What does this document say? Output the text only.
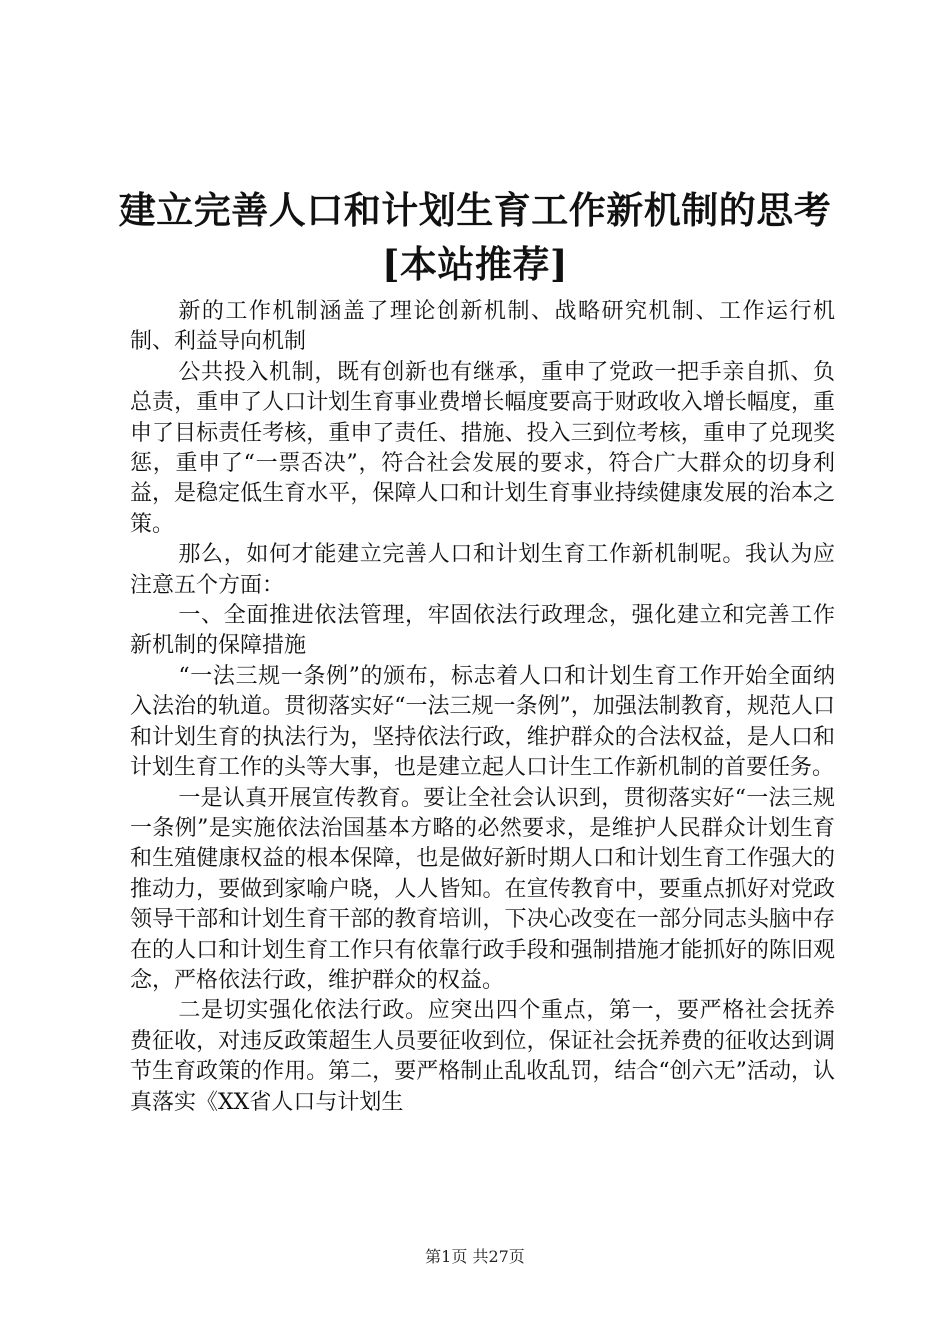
建立完善人口和计划生育工作新机制的思考
[本站推荐]

新的工作机制涵盖了理论创新机制、战略研究机制、工作运行机制、利益导向机制

公共投入机制，既有创新也有继承，重申了党政一把手亲自抓、负总责，重申了人口计划生育事业费增长幅度要高于财政收入增长幅度，重申了目标责任考核，重申了责任、措施、投入三到位考核，重申了兑现奖惩，重申了“一票否决”，符合社会发展的要求，符合广大群众的切身利益，是稳定低生育水平，保障人口和计划生育事业持续健康发展的治本之策。

那么，如何才能建立完善人口和计划生育工作新机制呢。我认为应注意五个方面：

一、全面推进依法管理，牢固依法行政理念，强化建立和完善工作新机制的保障措施

“一法三规一条例”的颁布，标志着人口和计划生育工作开始全面纳入法治的轨道。贯彻落实好“一法三规一条例”，加强法制教育，规范人口和计划生育的执法行为，坚持依法行政，维护群众的合法权益，是人口和计划生育工作的头等大事，也是建立起人口计生工作新机制的首要任务。

一是认真开展宣传教育。要让全社会认识到，贯彻落实好“一法三规一条例”是实施依法治国基本方略的必然要求，是维护人民群众计划生育和生殖健康权益的根本保障，也是做好新时期人口和计划生育工作强大的推动力，要做到家喻户晓，人人皆知。在宣传教育中，要重点抓好对党政领导干部和计划生育干部的教育培训，下决心改变在一部分同志头脑中存在的人口和计划生育工作只有依靠行政手段和强制措施才能抓好的陈旧观念，严格依法行政，维护群众的权益。

二是切实强化依法行政。应突出四个重点，第一，要严格社会抚养费征收，对违反政策超生人员要征收到位，保证社会抚养费的征收达到调节生育政策的作用。第二，要严格制止乱收乱罚，结合“创六无”活动，认真落实《XX省人口与计划生

第1页 共27页
